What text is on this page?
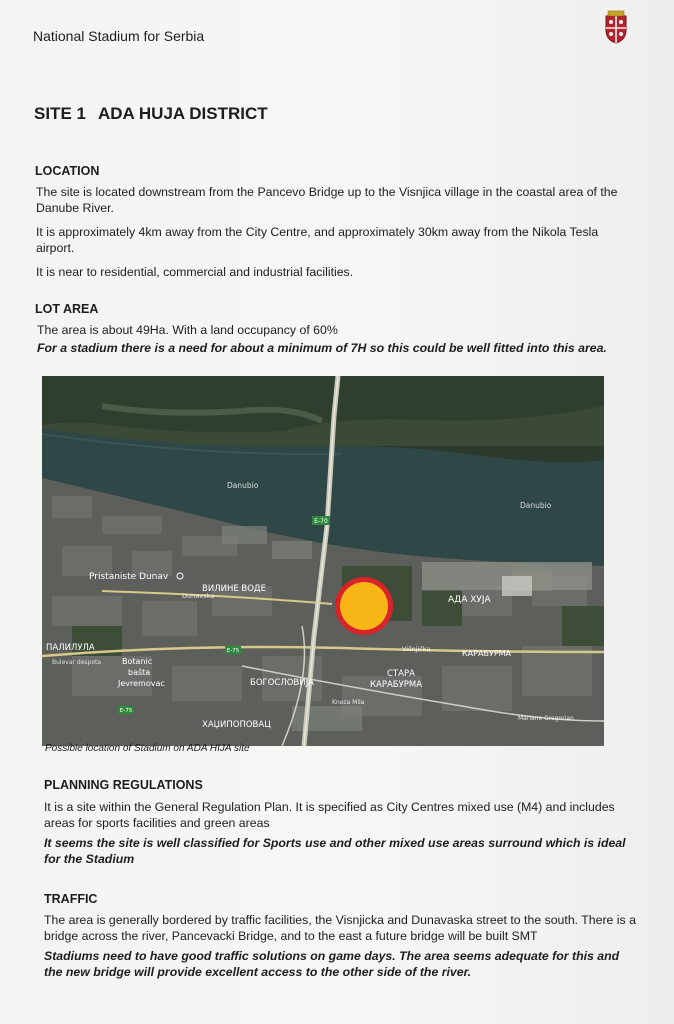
National Stadium for Serbia
SITE 1 ADA HUJA DISTRICT
LOCATION
The site is located downstream from the Pancevo Bridge up to the Visnjica village in the coastal area of the Danube River.
It is approximately 4km away from the City Centre, and approximately 30km away from the Nikola Tesla airport.
It is near to residential, commercial and industrial facilities.
LOT AREA
The area is about 49Ha. With a land occupancy of 60%
For a stadium there is a need for about a minimum of 7H so this could be well fitted into this area.
E-70
E-75
E-75
Danubio
Danubio
Pristaniste Dunav
ВИЛИНЕ ВОДЕ
Dunavska	АДА ХУЈА
КАРАБУРМА
СТАРА
КАРАБУРМА
БОГОСЛОВИЈА
ПАЛИЛУЛА
ХАЏИПОПОВАЦ
Botanic
bašta
Jevremovac
Bulevar despota
Višnjička
Mariane Gregorian
Kneza Mila
Possible location of Stadium on ADA HIJA site
PLANNING REGULATIONS
It is a site within the General Regulation Plan. It is specified as City Centres mixed use (M4) and includes areas for sports facilities and green areas
It seems the site is well classified for Sports use and other mixed use areas surround which is ideal for the Stadium
TRAFFIC
The area is generally bordered by traffic facilities, the Visnjicka and Dunavaska street to the south. There is a bridge across the river, Pancevacki Bridge, and to the east a future bridge will be built SMT
Stadiums need to have good traffic solutions on game days. The area seems adequate for this and the new bridge will provide excellent access to the other side of the river.
